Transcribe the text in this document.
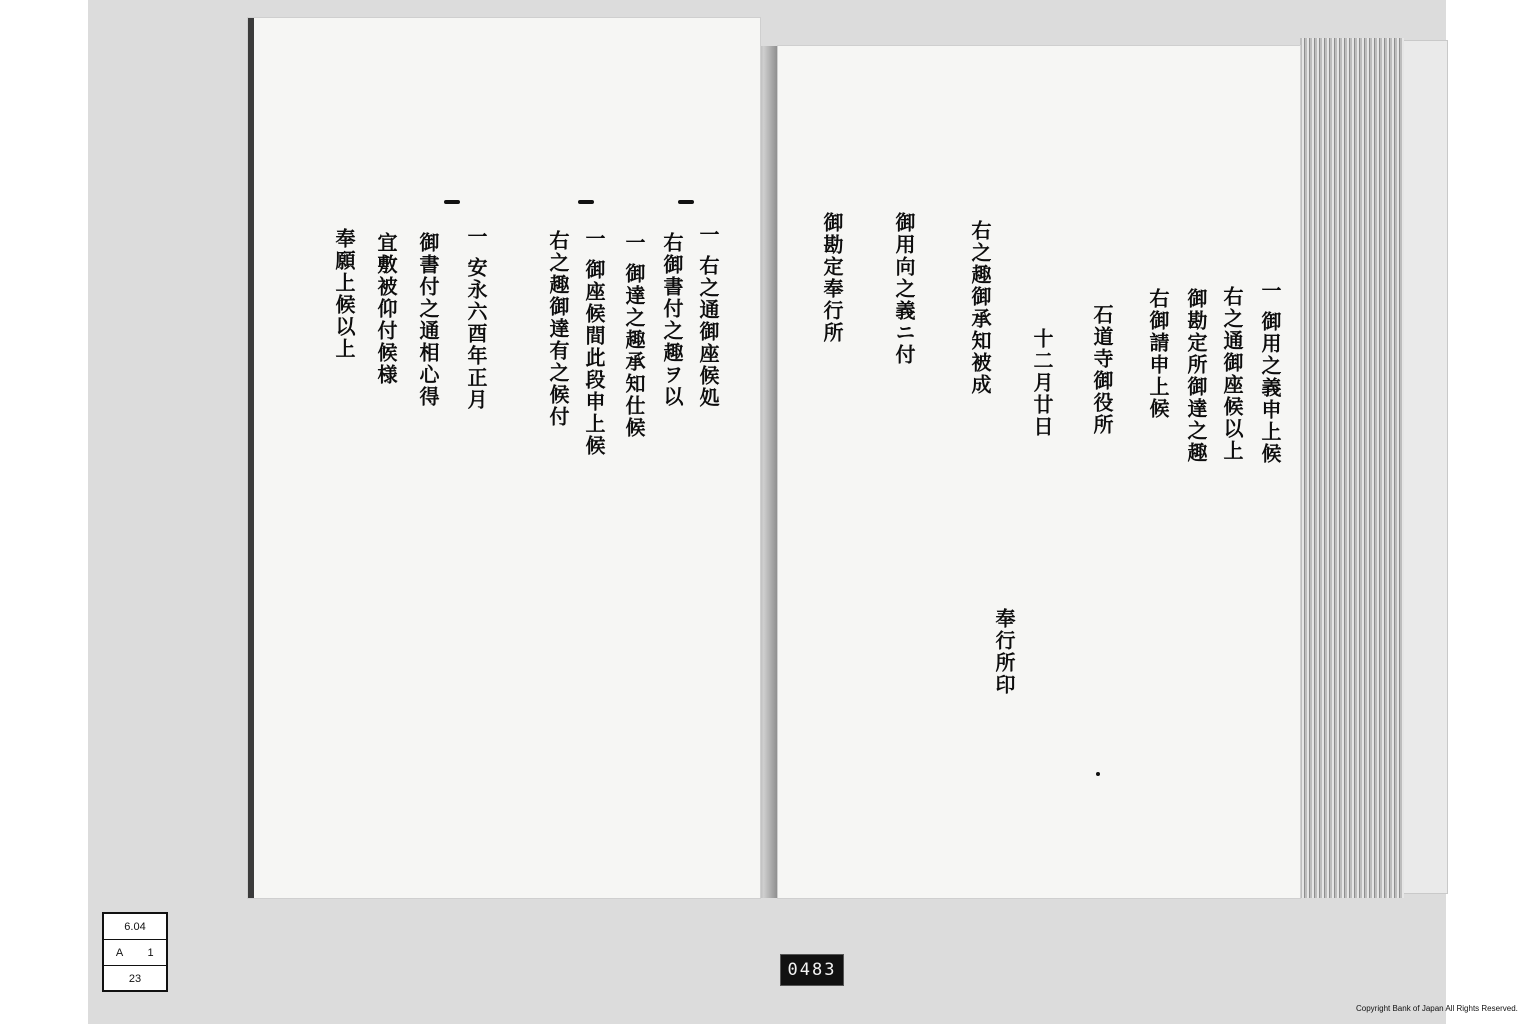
一 右之通御座候処
右御書付之趣ヲ以
一 御達之趣承知仕候
一 御座候間此段申上候
右之趣御達有之候付
一 安永六酉年正月
御書付之通相心得
宜敷被仰付候様
奉願上候以上	一 御用之義申上候
右之通御座候以上
御勘定所御達之趣
右御請申上候
石道寺御役所
十二月廿日
右之趣御承知被成
御用向之義ニ付
御勘定奉行所
奉行所印
6.04
A	1
23	0483
Copyright Bank of Japan All Rights Reserved.
